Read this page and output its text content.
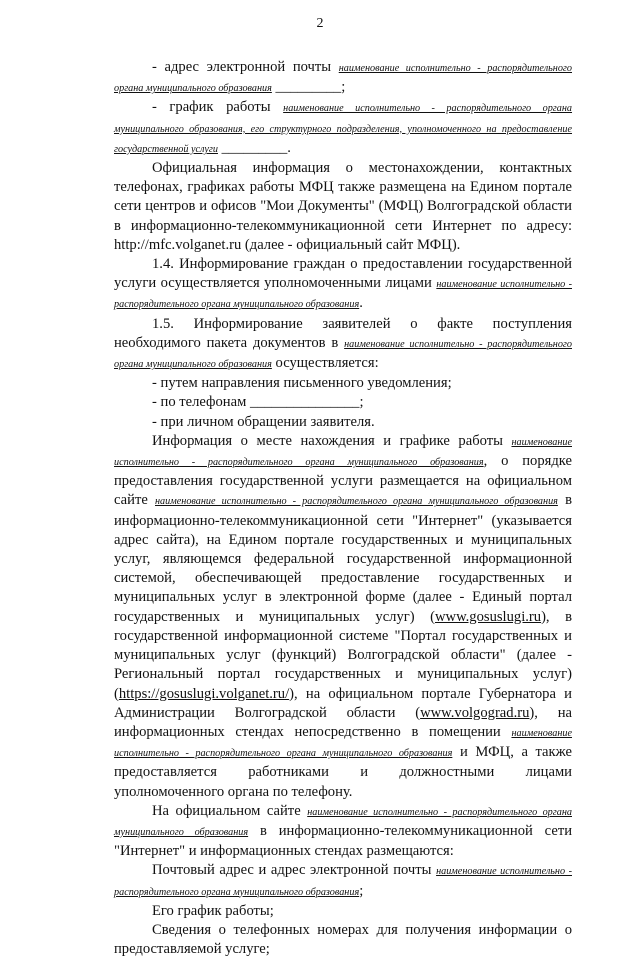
2

- адрес электронной почты наименование исполнительно - распорядительного органа муниципального образования _________;

- график работы наименование исполнительно - распорядительного органа муниципального образования, его структурного подразделения, уполномоченного на предоставление государственной услуги _________.

Официальная информация о местонахождении, контактных телефонах, графиках работы МФЦ также размещена на Едином портале сети центров и офисов "Мои Документы" (МФЦ) Волгоградской области в информационно-телекоммуникационной сети Интернет по адресу: http://mfc.volganet.ru (далее - официальный сайт МФЦ).

1.4. Информирование граждан о предоставлении государственной услуги осуществляется уполномоченными лицами наименование исполнительно - распорядительного органа муниципального образования.

1.5. Информирование заявителей о факте поступления необходимого пакета документов в наименование исполнительно - распорядительного органа муниципального образования осуществляется:

- путем направления письменного уведомления;

- по телефонам _______________;

- при личном обращении заявителя.

Информация о месте нахождения и графике работы наименование исполнительно - распорядительного органа муниципального образования, о порядке предоставления государственной услуги размещается на официальном сайте наименование исполнительно - распорядительного органа муниципального образования в информационно-телекоммуникационной сети "Интернет" (указывается адрес сайта), на Едином портале государственных и муниципальных услуг, являющемся федеральной государственной информационной системой, обеспечивающей предоставление государственных и муниципальных услуг в электронной форме (далее - Единый портал государственных и муниципальных услуг) (www.gosuslugi.ru), в государственной информационной системе "Портал государственных и муниципальных услуг (функций) Волгоградской области" (далее - Региональный портал государственных и муниципальных услуг) (https://gosuslugi.volganet.ru/), на официальном портале Губернатора и Администрации Волгоградской области (www.volgograd.ru), на информационных стендах непосредственно в помещении наименование исполнительно - распорядительного органа муниципального образования и МФЦ, а также предоставляется работниками и должностными лицами уполномоченного органа по телефону.

На официальном сайте наименование исполнительно - распорядительного органа муниципального образования в информационно-телекоммуникационной сети "Интернет" и информационных стендах размещаются:

Почтовый адрес и адрес электронной почты наименование исполнительно - распорядительного органа муниципального образования;

Его график работы;

Сведения о телефонных номерах для получения информации о предоставляемой услуге;
